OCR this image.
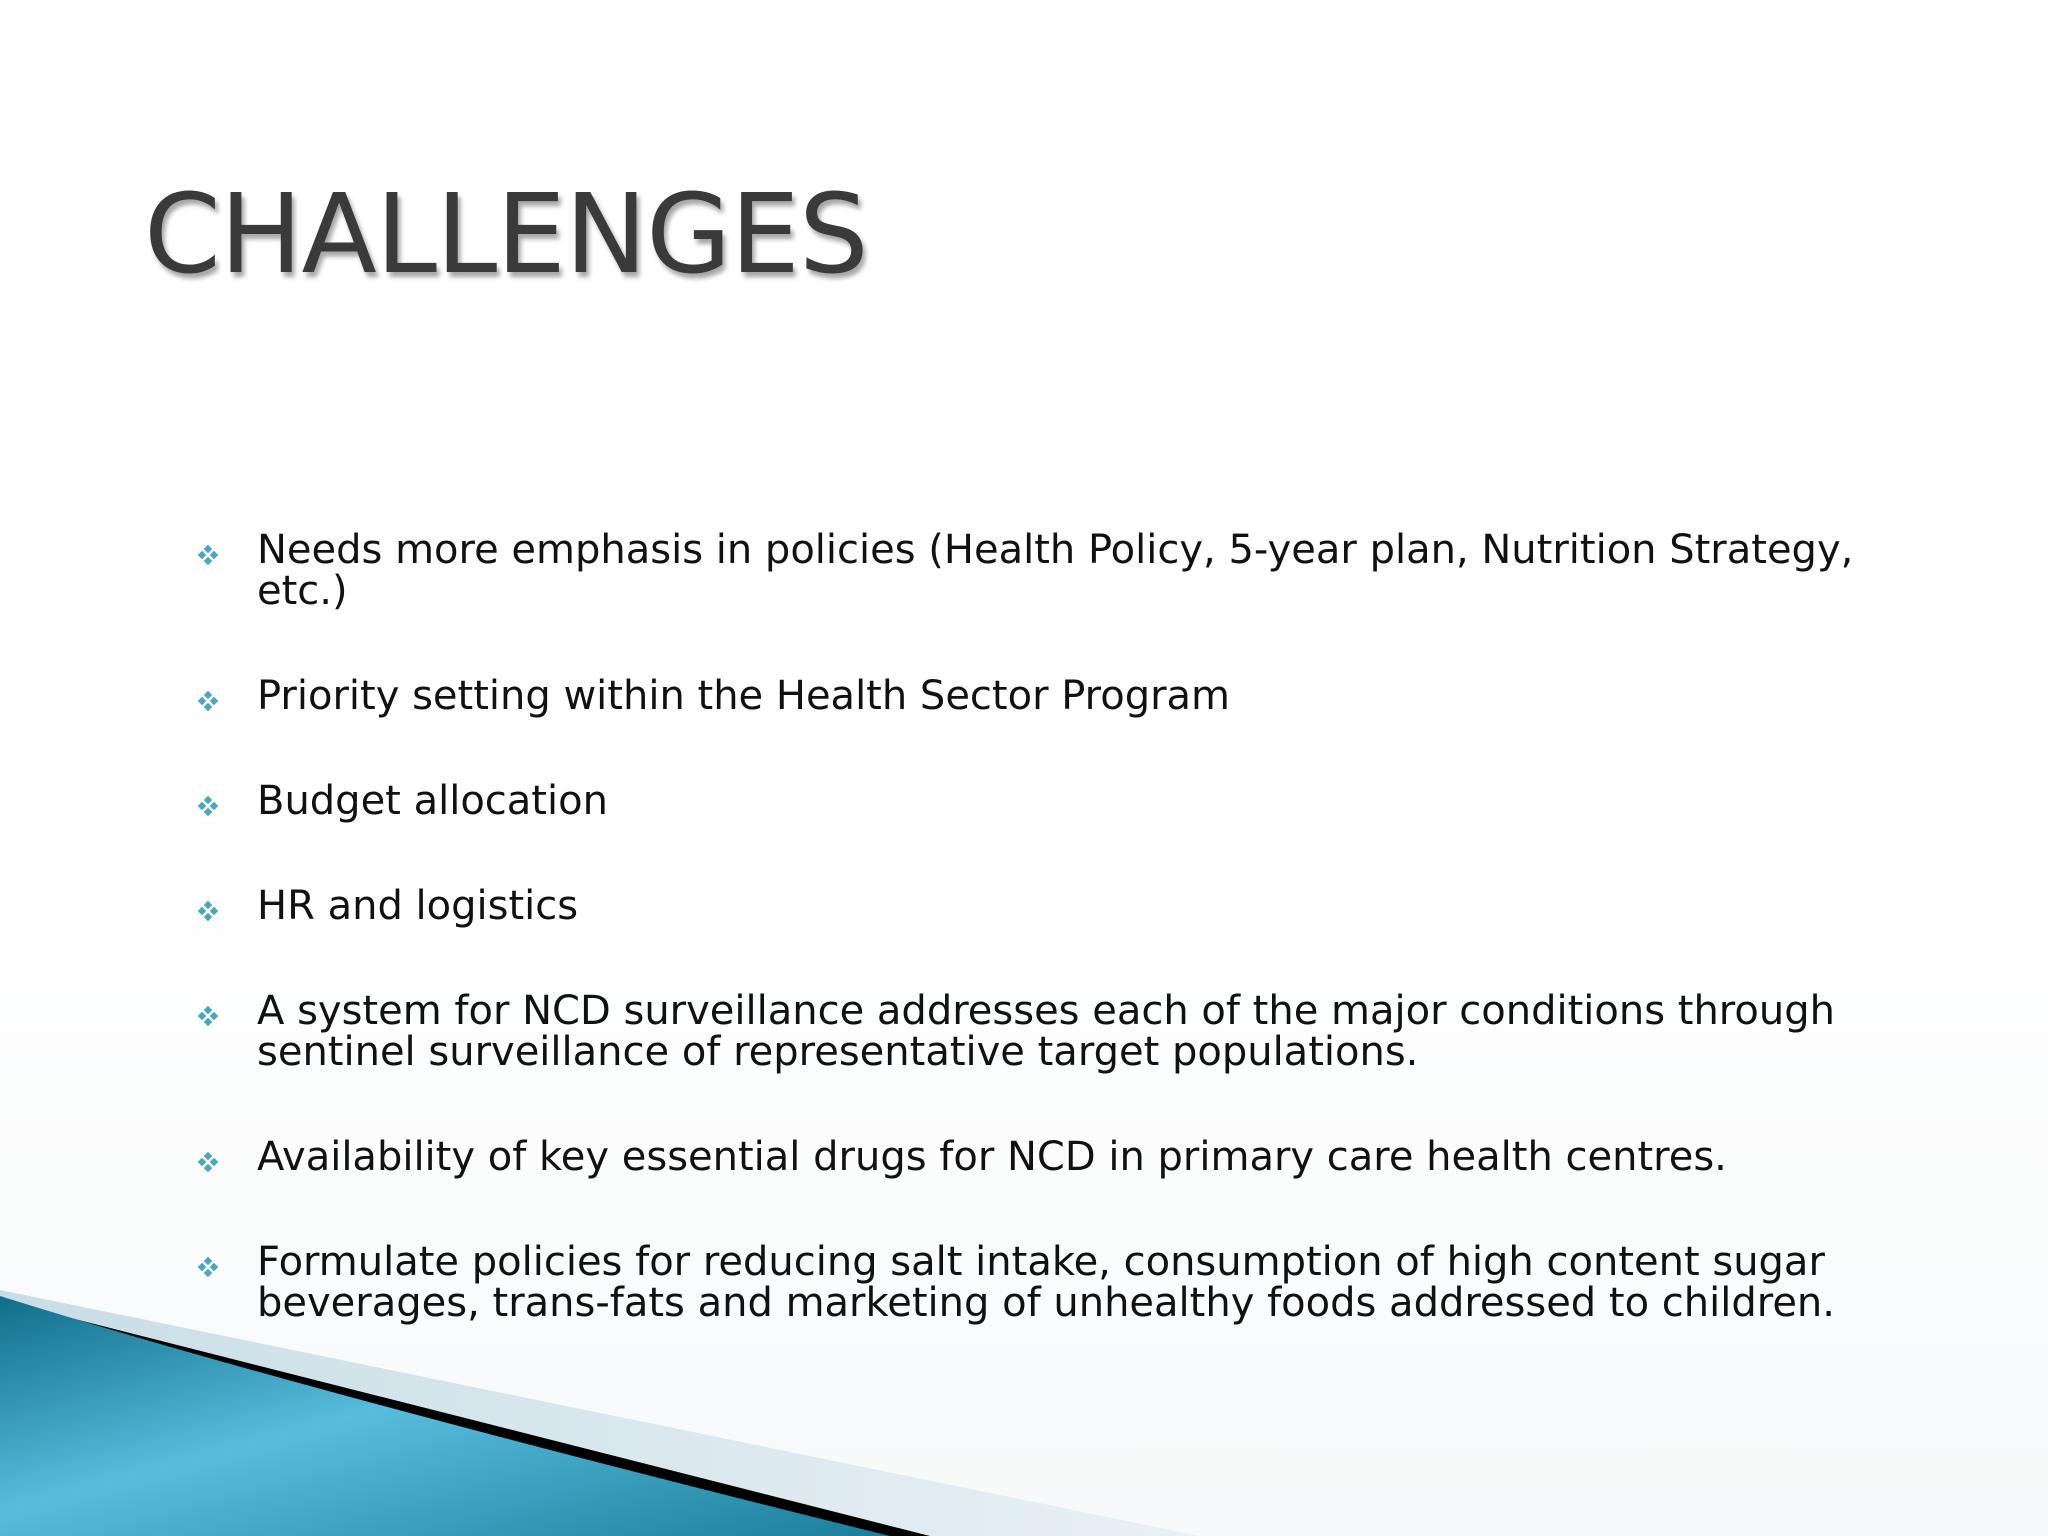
CHALLENGES
Needs more emphasis in policies (Health Policy, 5-year plan, Nutrition Strategy, etc.)
Priority setting within the Health Sector Program
Budget allocation
HR and logistics
A system for NCD surveillance addresses each of the major conditions through sentinel surveillance of representative target populations.
Availability of key essential drugs for NCD in primary care health centres.
Formulate policies for reducing salt intake, consumption of high content sugar beverages, trans-fats and marketing of unhealthy foods addressed to children.
